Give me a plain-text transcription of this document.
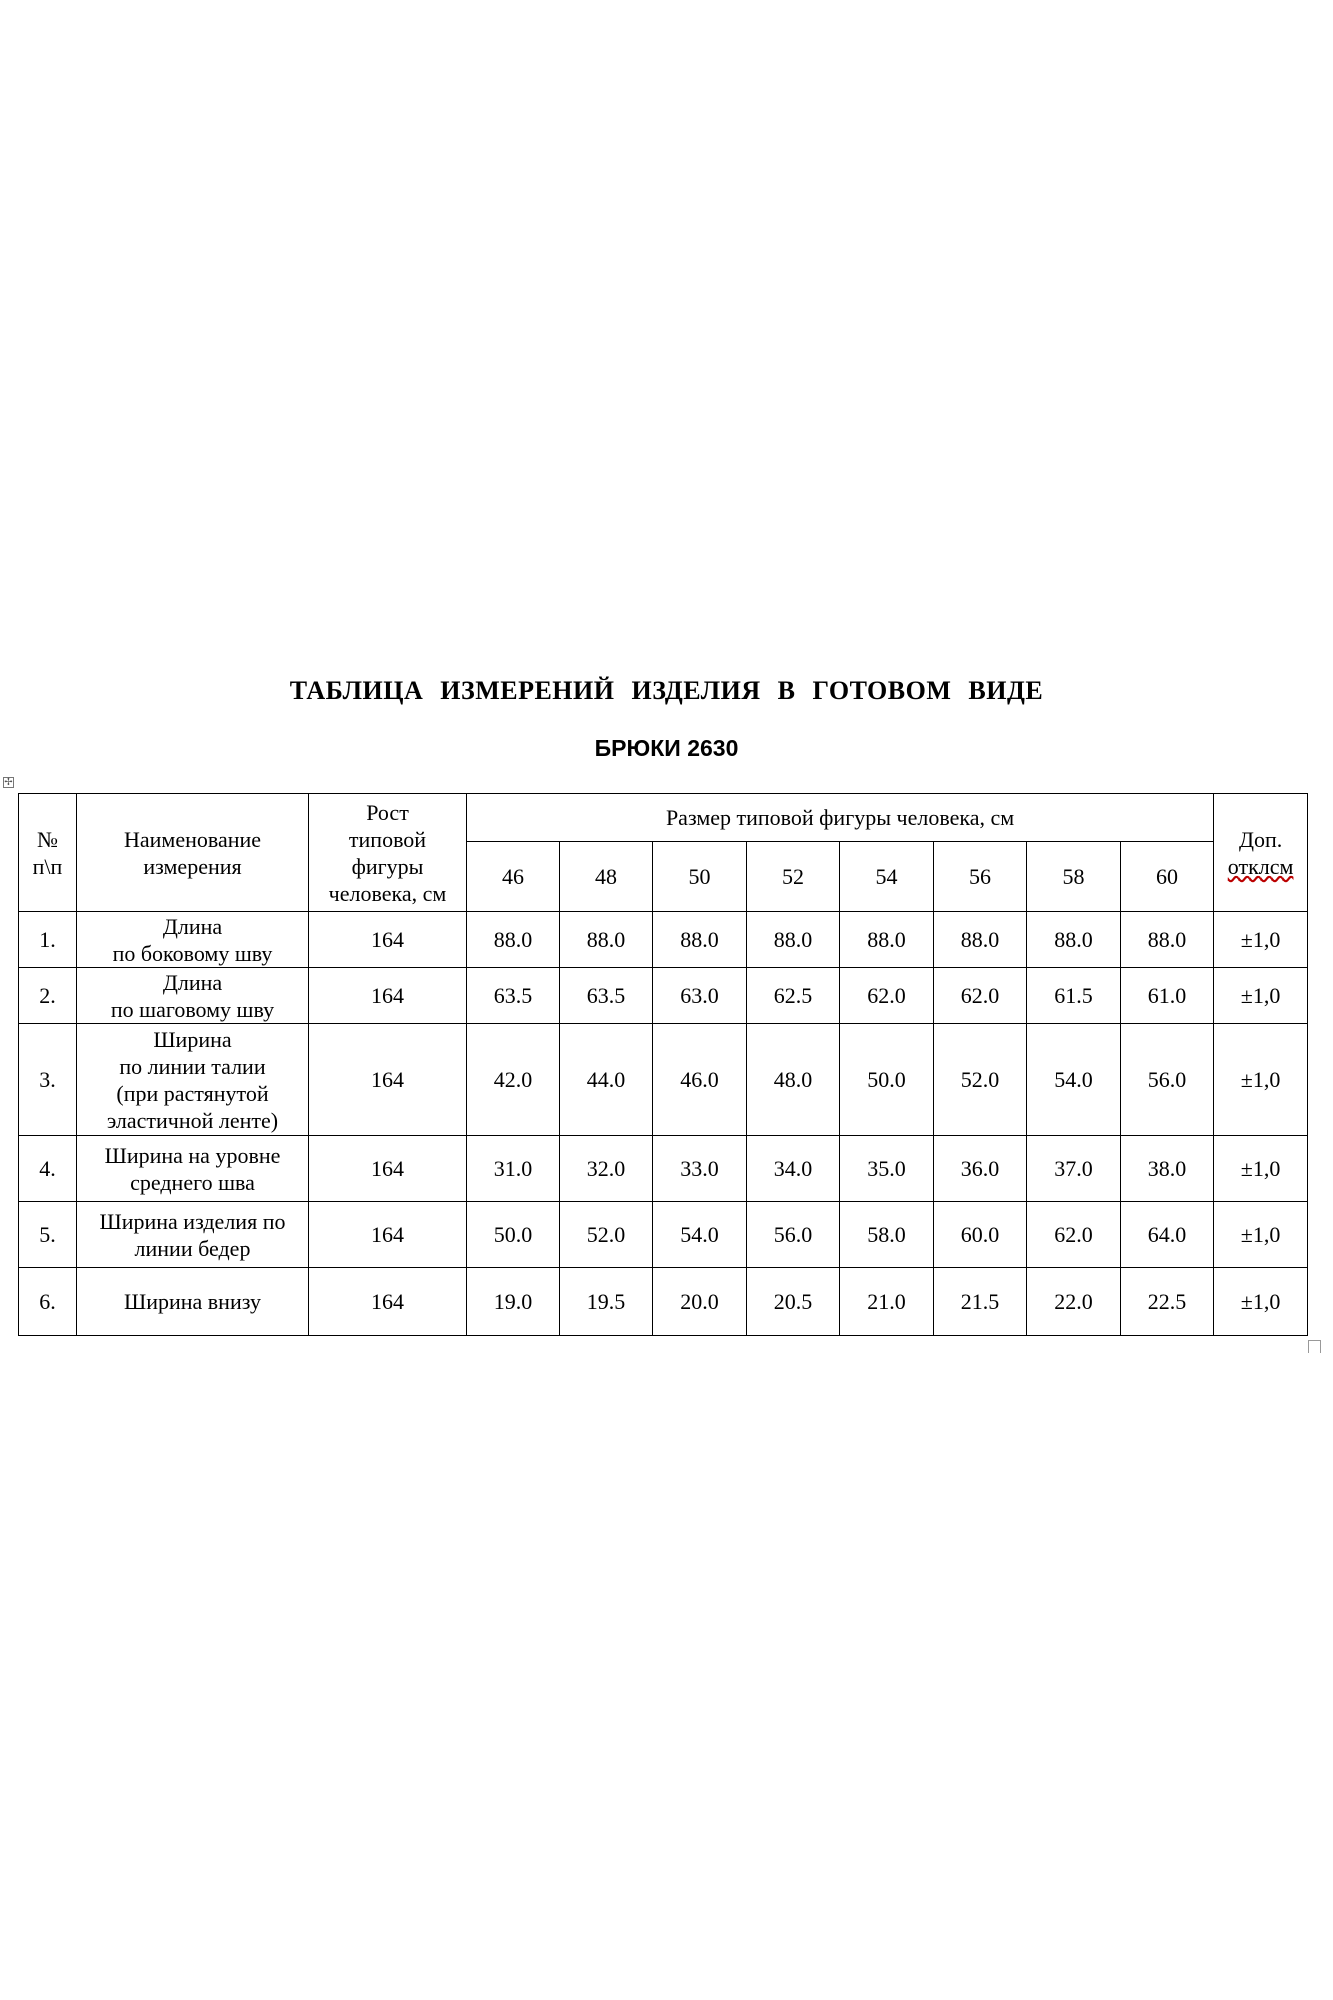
ТАБЛИЦА ИЗМЕРЕНИЙ ИЗДЕЛИЯ В ГОТОВОМ ВИДЕ
БРЮКИ 2630
✢
№
п\п	Наименование
измерения	Рост
типовой
фигуры
человека, см	Размер типовой фигуры человека, см								Доп.
отклсм
			46	48	50	52	54	56	58	60	
1.	Длина
по боковому шву	164	88.0	88.0	88.0	88.0	88.0	88.0	88.0	88.0	±1,0
2.	Длина
по шаговому шву	164	63.5	63.5	63.0	62.5	62.0	62.0	61.5	61.0	±1,0
3.	Ширина
по линии талии
(при растянутой
эластичной ленте)	164	42.0	44.0	46.0	48.0	50.0	52.0	54.0	56.0	±1,0
4.	Ширина на уровне
среднего шва	164	31.0	32.0	33.0	34.0	35.0	36.0	37.0	38.0	±1,0
5.	Ширина изделия по
линии бедер	164	50.0	52.0	54.0	56.0	58.0	60.0	62.0	64.0	±1,0
6.	Ширина внизу	164	19.0	19.5	20.0	20.5	21.0	21.5	22.0	22.5	±1,0
